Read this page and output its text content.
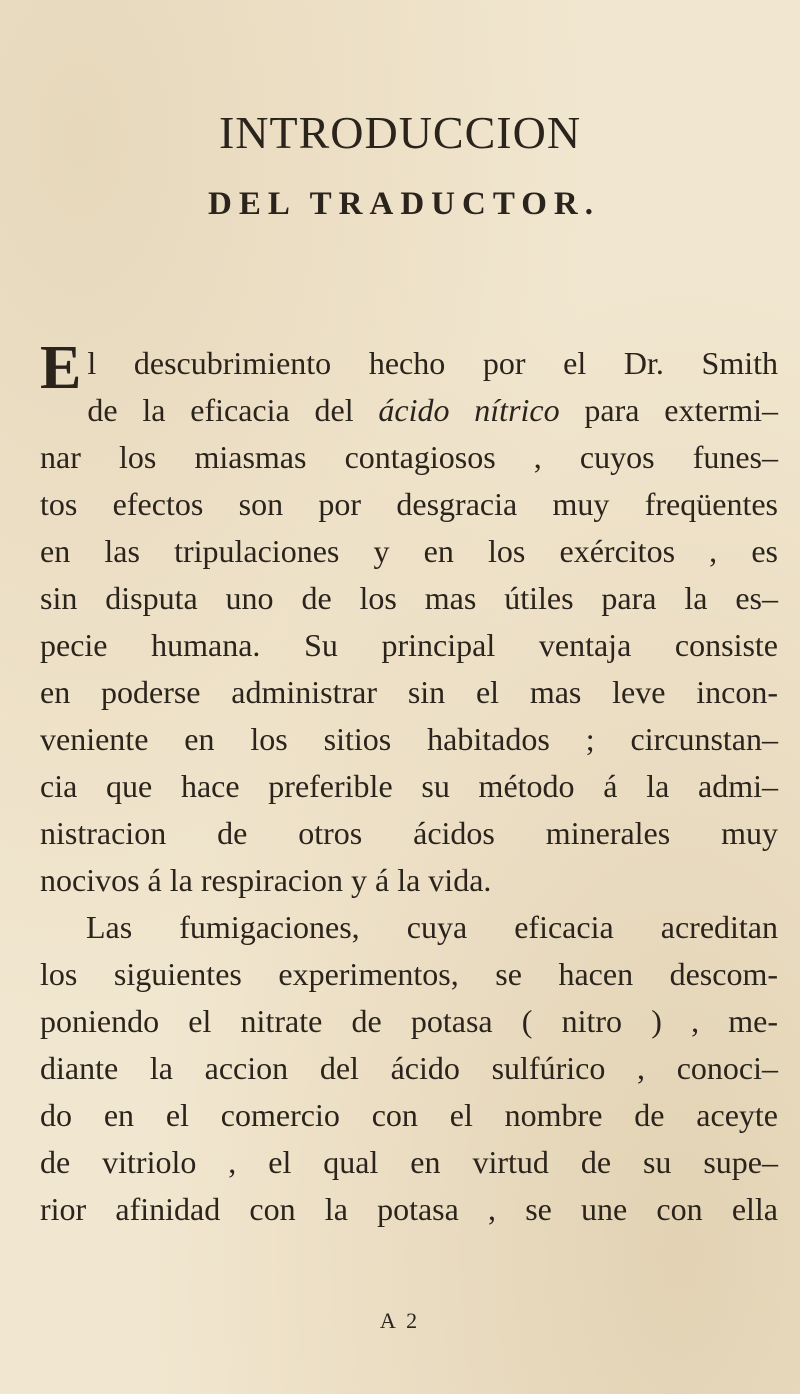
INTRODUCCION
DEL TRADUCTOR.
E l descubrimiento hecho por el Dr. Smith
de la eficacia del ácido nítrico para extermi–
nar los miasmas contagiosos , cuyos funes–
tos efectos son por desgracia muy freqüentes
en las tripulaciones y en los exércitos , es
sin disputa uno de los mas útiles para la es–
pecie humana. Su principal ventaja consiste
en poderse administrar sin el mas leve incon-
veniente en los sitios habitados ; circunstan–
cia que hace preferible su método á la admi–
nistracion de otros ácidos minerales muy
nocivos á la respiracion y á la vida.
Las fumigaciones, cuya eficacia acreditan
los siguientes experimentos, se hacen descom-
poniendo el nitrate de potasa ( nitro ) , me-
diante la accion del ácido sulfúrico , conoci–
do en el comercio con el nombre de aceyte
de vitriolo , el qual en virtud de su supe–
rior afinidad con la potasa , se une con ella
A 2
